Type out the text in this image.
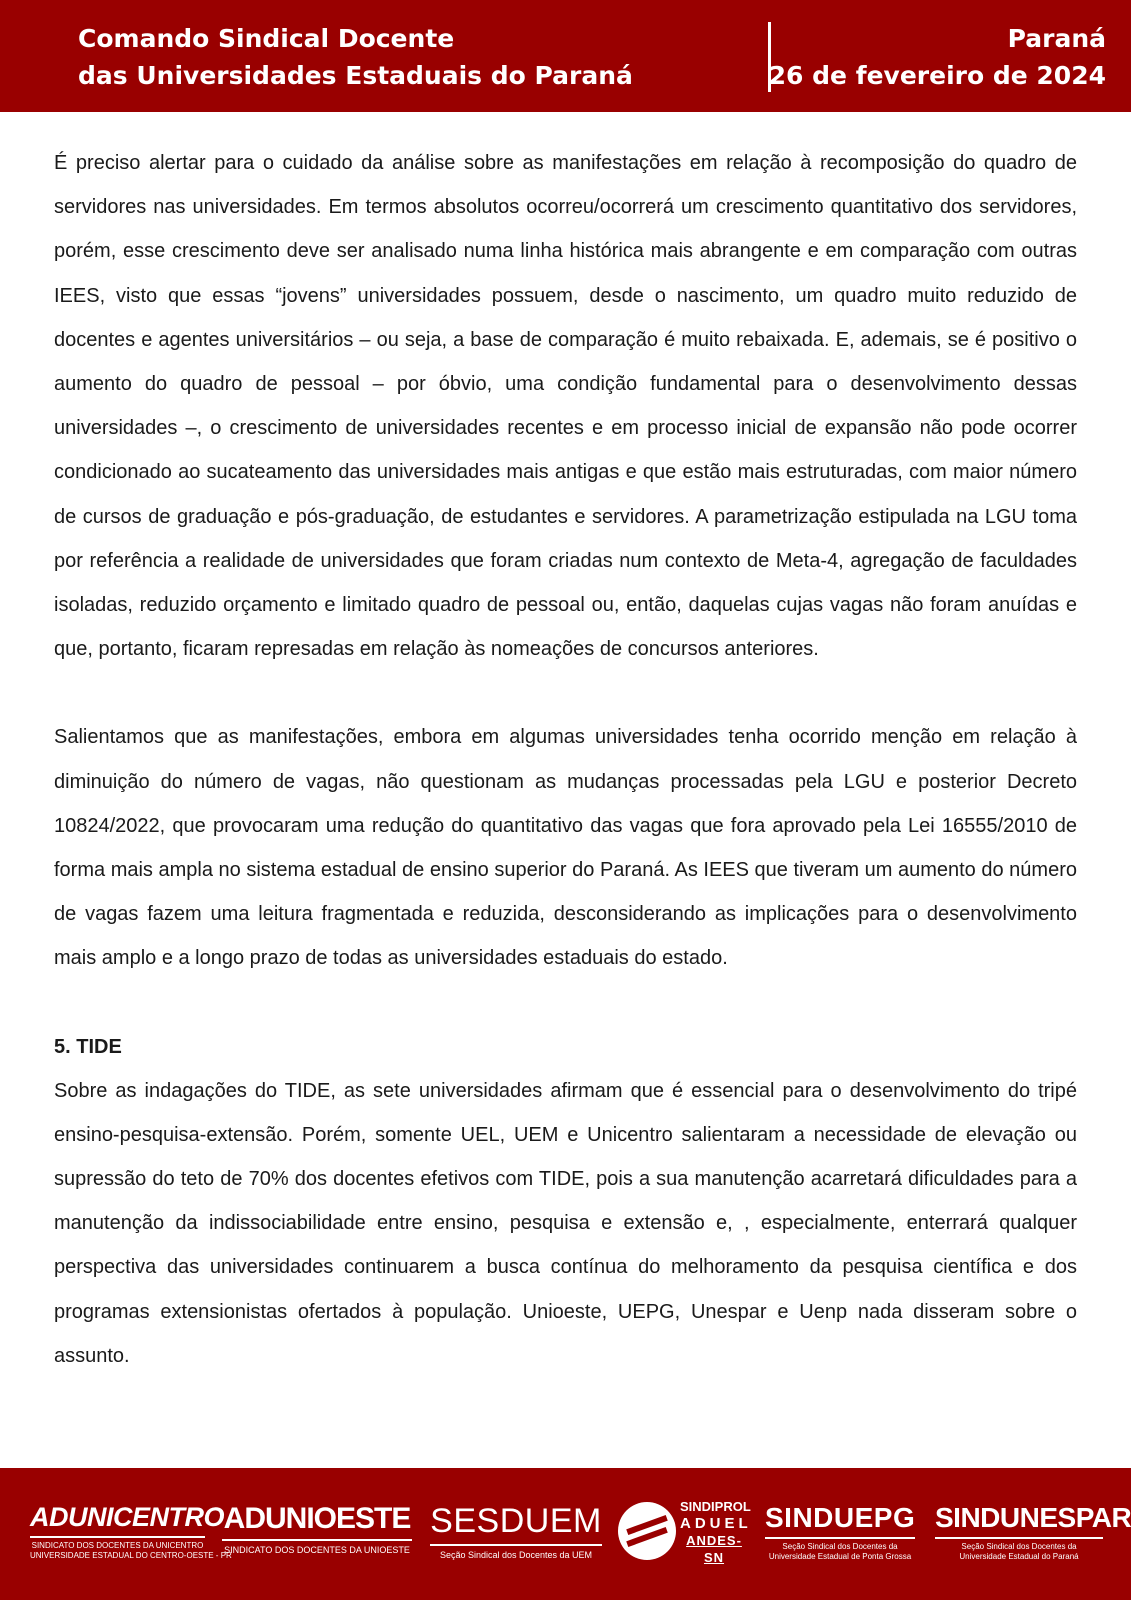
Comando Sindical Docente
das Universidades Estaduais do Paraná
Paraná
26 de fevereiro de 2024

É preciso alertar para o cuidado da análise sobre as manifestações em relação à recomposição do quadro de servidores nas universidades. Em termos absolutos ocorreu/ocorrerá um crescimento quantitativo dos servidores, porém, esse crescimento deve ser analisado numa linha histórica mais abrangente e em comparação com outras IEES, visto que essas “jovens” universidades possuem, desde o nascimento, um quadro muito reduzido de docentes e agentes universitários – ou seja, a base de comparação é muito rebaixada. E, ademais, se é positivo o aumento do quadro de pessoal – por óbvio, uma condição fundamental para o desenvolvimento dessas universidades –, o crescimento de universidades recentes e em processo inicial de expansão não pode ocorrer condicionado ao sucateamento das universidades mais antigas e que estão mais estruturadas, com maior número de cursos de graduação e pós-graduação, de estudantes e servidores. A parametrização estipulada na LGU toma por referência a realidade de universidades que foram criadas num contexto de Meta-4, agregação de faculdades isoladas, reduzido orçamento e limitado quadro de pessoal ou, então, daquelas cujas vagas não foram anuídas e que, portanto, ficaram represadas em relação às nomeações de concursos anteriores.

Salientamos que as manifestações, embora em algumas universidades tenha ocorrido menção em relação à diminuição do número de vagas, não questionam as mudanças processadas pela LGU e posterior Decreto 10824/2022, que provocaram uma redução do quantitativo das vagas que fora aprovado pela Lei 16555/2010 de forma mais ampla no sistema estadual de ensino superior do Paraná. As IEES que tiveram um aumento do número de vagas fazem uma leitura fragmentada e reduzida, desconsiderando as implicações para o desenvolvimento mais amplo e a longo prazo de todas as universidades estaduais do estado.

5. TIDE

Sobre as indagações do TIDE, as sete universidades afirmam que é essencial para o desenvolvimento do tripé ensino-pesquisa-extensão. Porém, somente UEL, UEM e Unicentro salientaram a necessidade de elevação ou supressão do teto de 70% dos docentes efetivos com TIDE, pois a sua manutenção acarretará dificuldades para a manutenção da indissociabilidade entre ensino, pesquisa e extensão e, , especialmente, enterrará qualquer perspectiva das universidades continuarem a busca contínua do melhoramento da pesquisa científica e dos programas extensionistas ofertados à população. Unioeste, UEPG, Unespar e Uenp nada disseram sobre o assunto.

ADUNICENTRO
SINDICATO DOS DOCENTES DA UNICENTRO
UNIVERSIDADE ESTADUAL DO CENTRO-OESTE - PR
ADUNIOESTE
SINDICATO DOS DOCENTES DA UNIOESTE
SESDUEM
Seção Sindical dos Docentes da UEM
SINDIPROL
ADUEL
ANDES-SN
SINDUEPG
Seção Sindical dos Docentes da
Universidade Estadual de Ponta Grossa
SINDUNESPAR
Seção Sindical dos Docentes da
Universidade Estadual do Paraná
